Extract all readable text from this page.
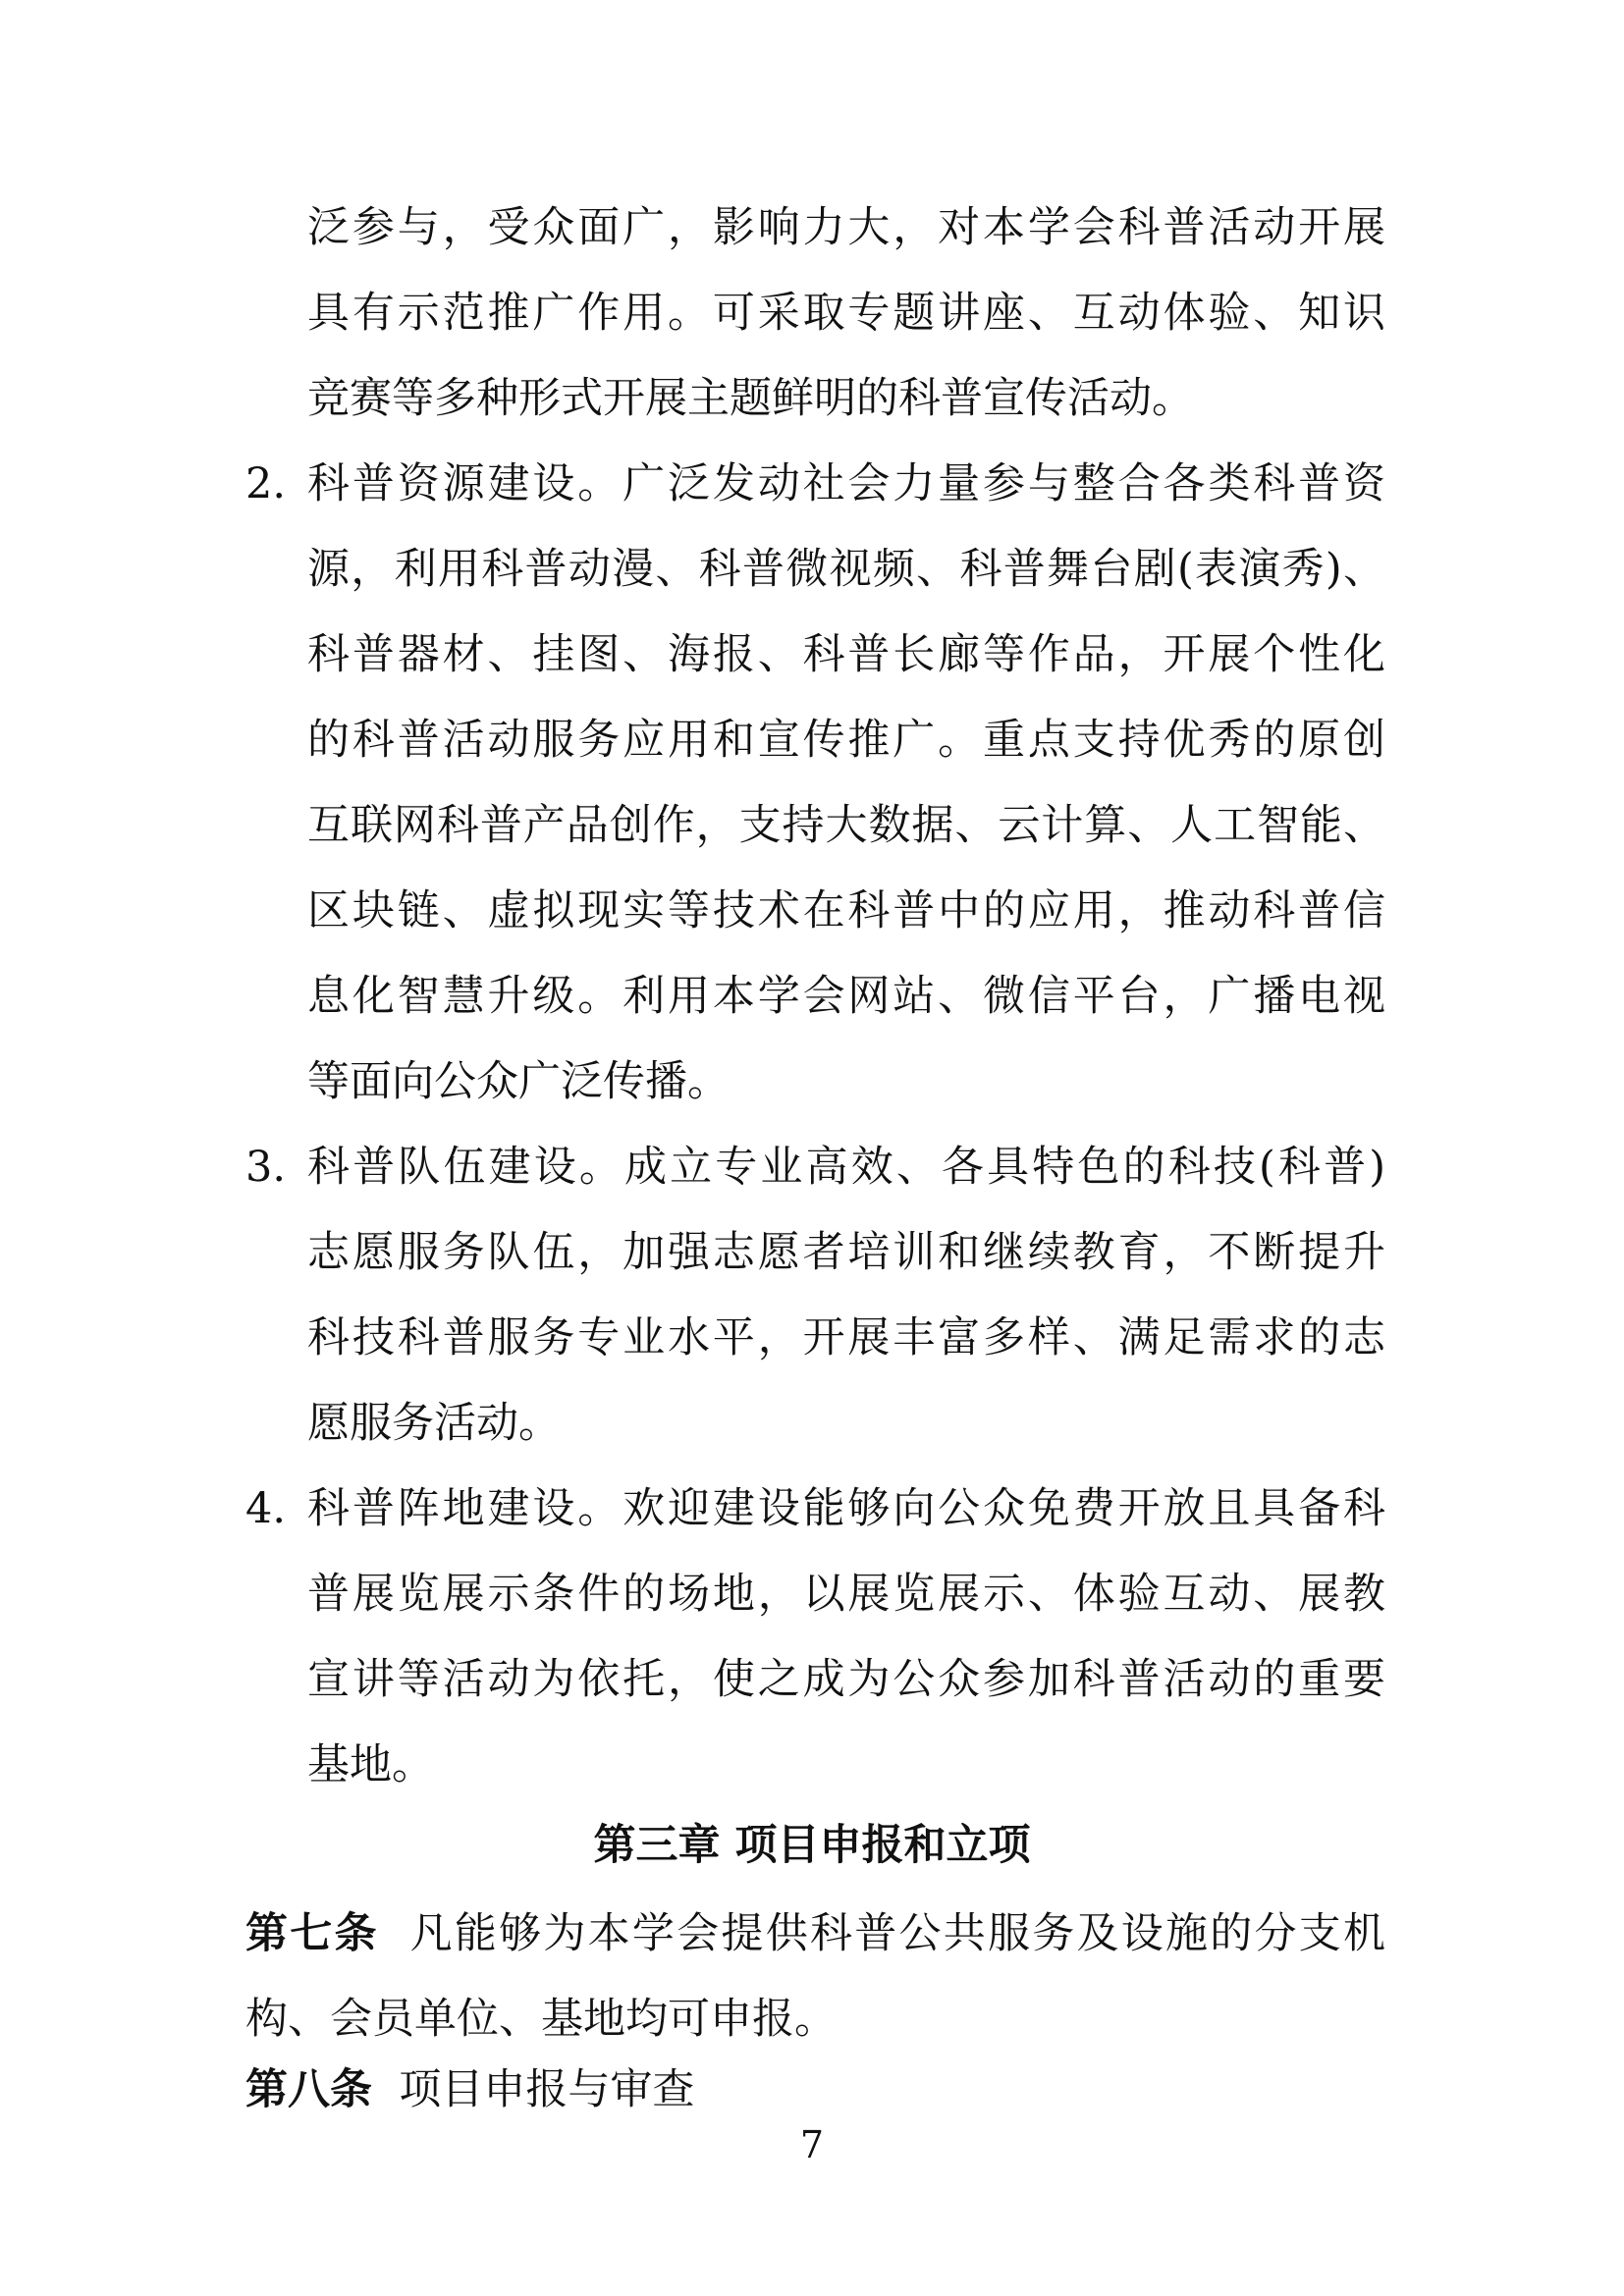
泛参与，受众面广，影响力大，对本学会科普活动开展
具有示范推广作用。可采取专题讲座、互动体验、知识
竞赛等多种形式开展主题鲜明的科普宣传活动。
2. 科普资源建设。广泛发动社会力量参与整合各类科普资
源，利用科普动漫、科普微视频、科普舞台剧(表演秀)、
科普器材、挂图、海报、科普长廊等作品，开展个性化
的科普活动服务应用和宣传推广。重点支持优秀的原创
互联网科普产品创作，支持大数据、云计算、人工智能、
区块链、虚拟现实等技术在科普中的应用，推动科普信
息化智慧升级。利用本学会网站、微信平台，广播电视
等面向公众广泛传播。
3. 科普队伍建设。成立专业高效、各具特色的科技(科普)
志愿服务队伍，加强志愿者培训和继续教育，不断提升
科技科普服务专业水平，开展丰富多样、满足需求的志
愿服务活动。
4. 科普阵地建设。欢迎建设能够向公众免费开放且具备科
普展览展示条件的场地，以展览展示、体验互动、展教
宣讲等活动为依托，使之成为公众参加科普活动的重要
基地。
第三章 项目申报和立项
第七条 凡能够为本学会提供科普公共服务及设施的分支机
构、会员单位、基地均可申报。
第八条 项目申报与审查
7
